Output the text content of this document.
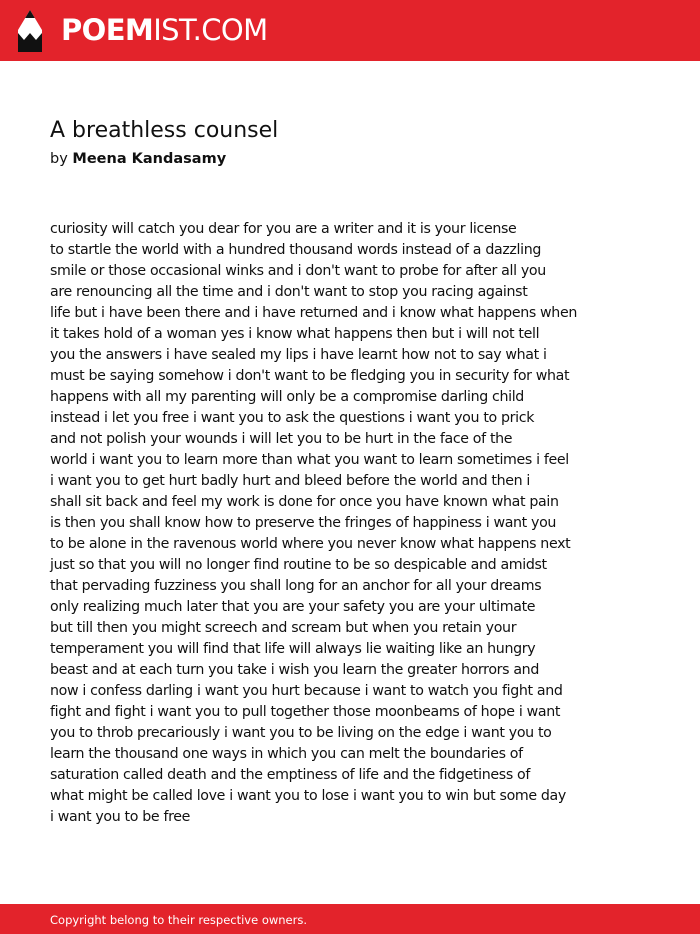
POEMIST.COM
A breathless counsel
by Meena Kandasamy
curiosity will catch you dear for you are a writer and it is your license
to startle the world with a hundred thousand words instead of a dazzling
smile or those occasional winks and i don't want to probe for after all you
are renouncing all the time and i don't want to stop you racing against
life but i have been there and i have returned and i know what happens when
it takes hold of a woman yes i know what happens then but i will not tell
you the answers i have sealed my lips i have learnt how not to say what i
must be saying somehow i don't want to be fledging you in security for what
happens with all my parenting will only be a compromise darling child
instead i let you free i want you to ask the questions i want you to prick
and not polish your wounds i will let you to be hurt in the face of the
world i want you to learn more than what you want to learn sometimes i feel
i want you to get hurt badly hurt and bleed before the world and then i
shall sit back and feel my work is done for once you have known what pain
is then you shall know how to preserve the fringes of happiness i want you
to be alone in the ravenous world where you never know what happens next
just so that you will no longer find routine to be so despicable and amidst
that pervading fuzziness you shall long for an anchor for all your dreams
only realizing much later that you are your safety you are your ultimate
but till then you might screech and scream but when you retain your
temperament you will find that life will always lie waiting like an hungry
beast and at each turn you take i wish you learn the greater horrors and
now i confess darling i want you hurt because i want to watch you fight and
fight and fight i want you to pull together those moonbeams of hope i want
you to throb precariously i want you to be living on the edge i want you to
learn the thousand one ways in which you can melt the boundaries of
saturation called death and the emptiness of life and the fidgetiness of
what might be called love i want you to lose i want you to win but some day
i want you to be free
Copyright belong to their respective owners.
